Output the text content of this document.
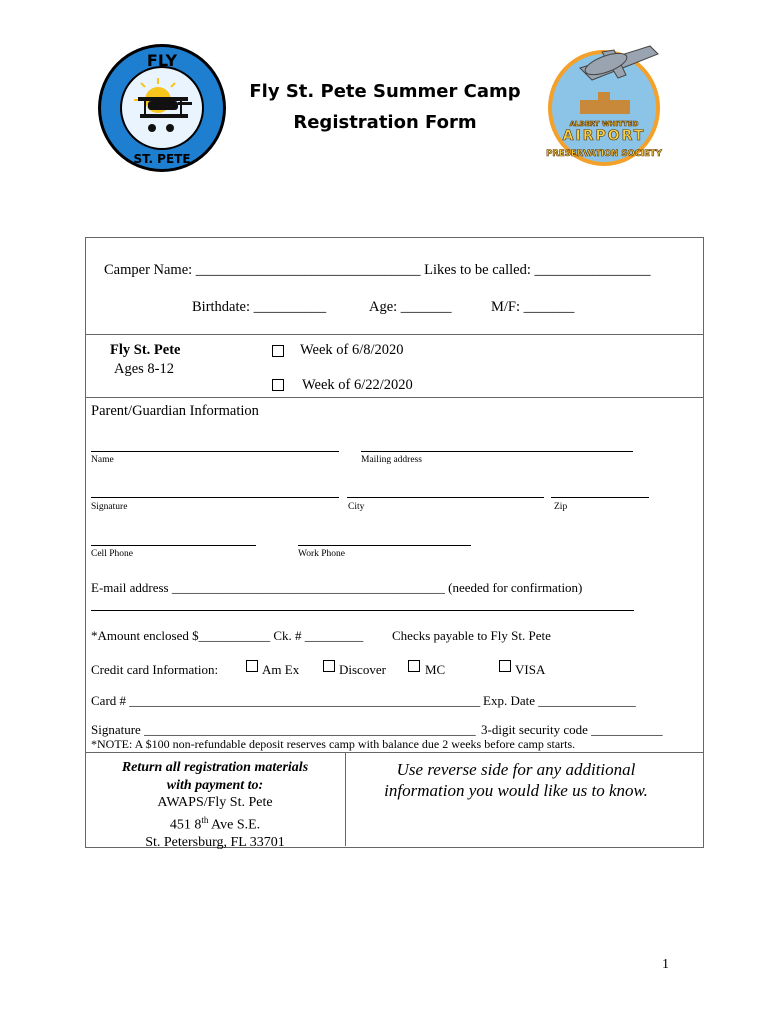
FLY
ST. PETE
ALBERT WHITTED
AIRPORT
PRESERVATION SOCIETY
Fly St. Pete Summer Camp
Registration Form
Camper Name: _______________________________ Likes to be called: ________________
Birthdate: __________	Age: _______	M/F: _______
Fly St. Pete
Ages 8-12
Week of 6/8/2020
Week of 6/22/2020
Parent/Guardian Information
Name	Mailing address
Signature	City	Zip
Cell Phone	Work Phone
E-mail address __________________________________________ (needed for confirmation)
*Amount enclosed $___________ Ck. # _________ Checks payable to Fly St. Pete
Credit card Information:	Am Ex	Discover	MC	VISA
Card # ______________________________________________________ Exp. Date _______________
Signature ___________________________________________________ 3-digit security code ___________
*NOTE: A $100 non-refundable deposit reserves camp with balance due 2 weeks before camp starts.
Return all registration materials
with payment to:
AWAPS/Fly St. Pete
451 8th Ave S.E.
St. Petersburg, FL 33701
Use reverse side for any additional
information you would like us to know.
1
